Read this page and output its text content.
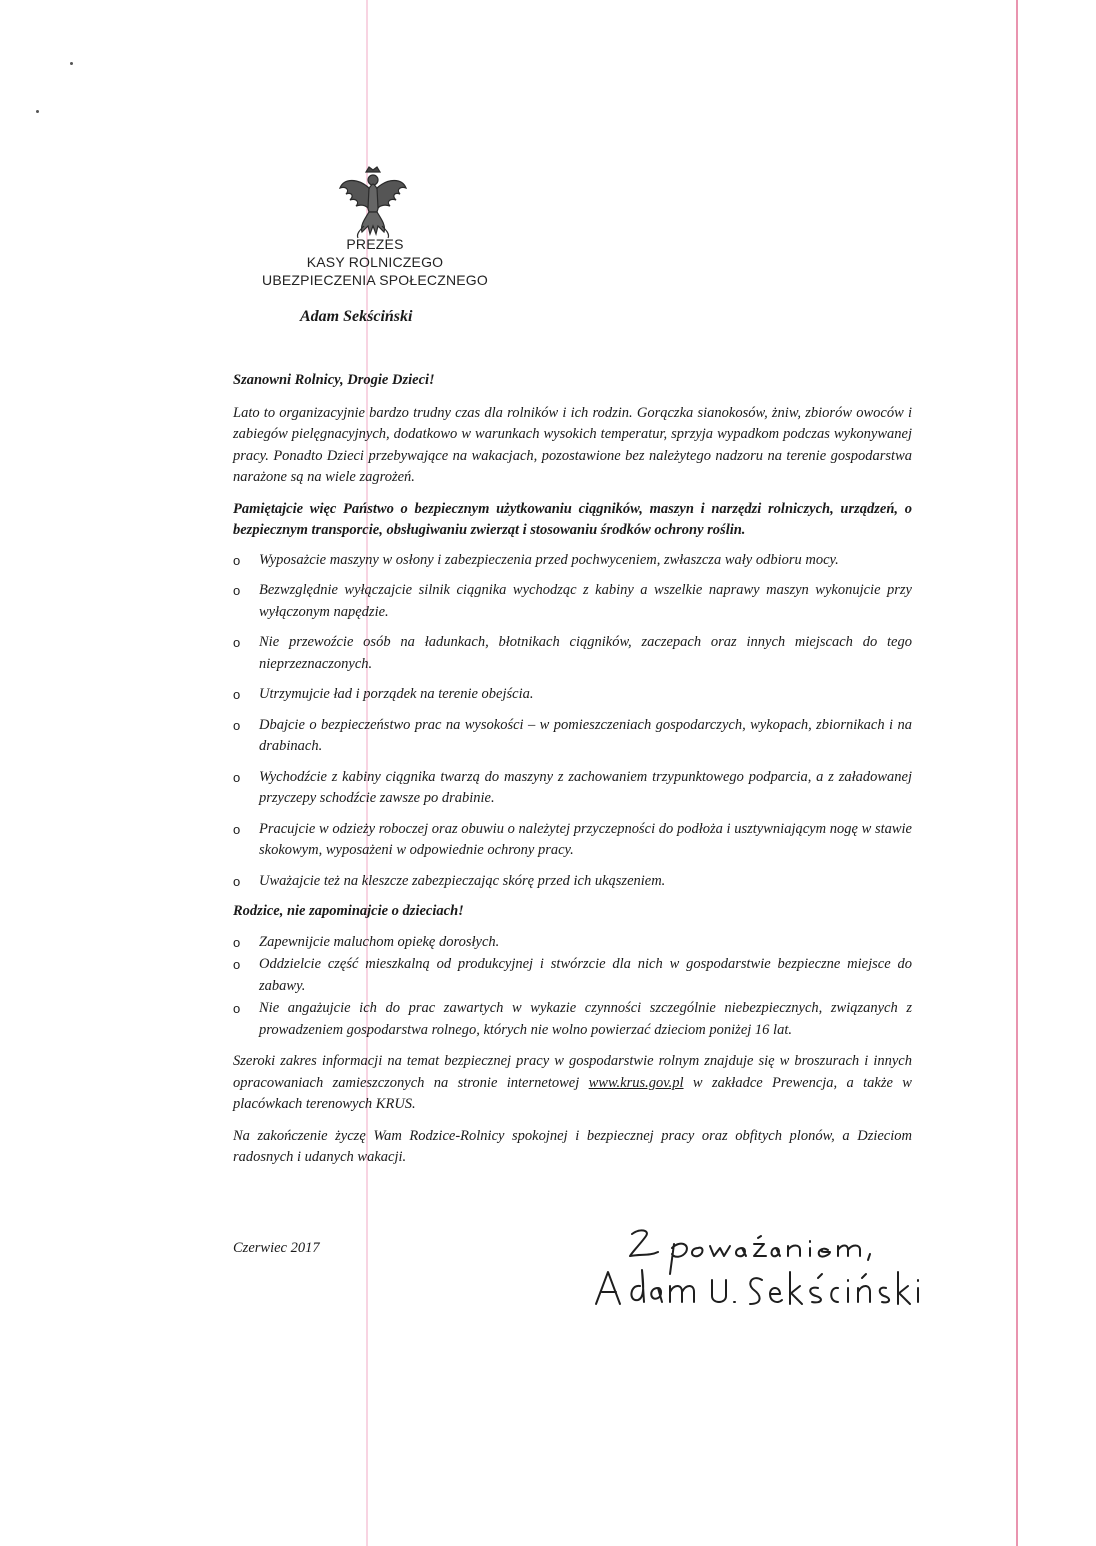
PREZES
KASY ROLNICZEGO
UBEZPIECZENIA SPOŁECZNEGO
Adam Sekściński

Szanowni Rolnicy, Drogie Dzieci!

Lato to organizacyjnie bardzo trudny czas dla rolników i ich rodzin. Gorączka sianokosów, żniw, zbiorów owoców i zabiegów pielęgnacyjnych, dodatkowo w warunkach wysokich temperatur, sprzyja wypadkom podczas wykonywanej pracy. Ponadto Dzieci przebywające na wakacjach, pozostawione bez należytego nadzoru na terenie gospodarstwa narażone są na wiele zagrożeń.

Pamiętajcie więc Państwo o bezpiecznym użytkowaniu ciągników, maszyn i narzędzi rolniczych, urządzeń, o bezpiecznym transporcie, obsługiwaniu zwierząt i stosowaniu środków ochrony roślin.

o Wyposażcie maszyny w osłony i zabezpieczenia przed pochwyceniem, zwłaszcza wały odbioru mocy.
o Bezwzględnie wyłączajcie silnik ciągnika wychodząc z kabiny a wszelkie naprawy maszyn wykonujcie przy wyłączonym napędzie.
o Nie przewoźcie osób na ładunkach, błotnikach ciągników, zaczepach oraz innych miejscach do tego nieprzeznaczonych.
o Utrzymujcie ład i porządek na terenie obejścia.
o Dbajcie o bezpieczeństwo prac na wysokości – w pomieszczeniach gospodarczych, wykopach, zbiornikach i na drabinach.
o Wychodźcie z kabiny ciągnika twarzą do maszyny z zachowaniem trzypunktowego podparcia, a z załadowanej przyczepy schodźcie zawsze po drabinie.
o Pracujcie w odzieży roboczej oraz obuwiu o należytej przyczepności do podłoża i usztywniającym nogę w stawie skokowym, wyposażeni w odpowiednie ochrony pracy.
o Uważajcie też na kleszcze zabezpieczając skórę przed ich ukąszeniem.

Rodzice, nie zapominajcie o dzieciach!

o Zapewnijcie maluchom opiekę dorosłych.
o Oddzielcie część mieszkalną od produkcyjnej i stwórzcie dla nich w gospodarstwie bezpieczne miejsce do zabawy.
o Nie angażujcie ich do prac zawartych w wykazie czynności szczególnie niebezpiecznych, związanych z prowadzeniem gospodarstwa rolnego, których nie wolno powierzać dzieciom poniżej 16 lat.

Szeroki zakres informacji na temat bezpiecznej pracy w gospodarstwie rolnym znajduje się w broszurach i innych opracowaniach zamieszczonych na stronie internetowej www.krus.gov.pl w zakładce Prewencja, a także w placówkach terenowych KRUS.

Na zakończenie życzę Wam Rodzice-Rolnicy spokojnej i bezpiecznej pracy oraz obfitych plonów, a Dzieciom radosnych i udanych wakacji.

Czerwiec 2017
